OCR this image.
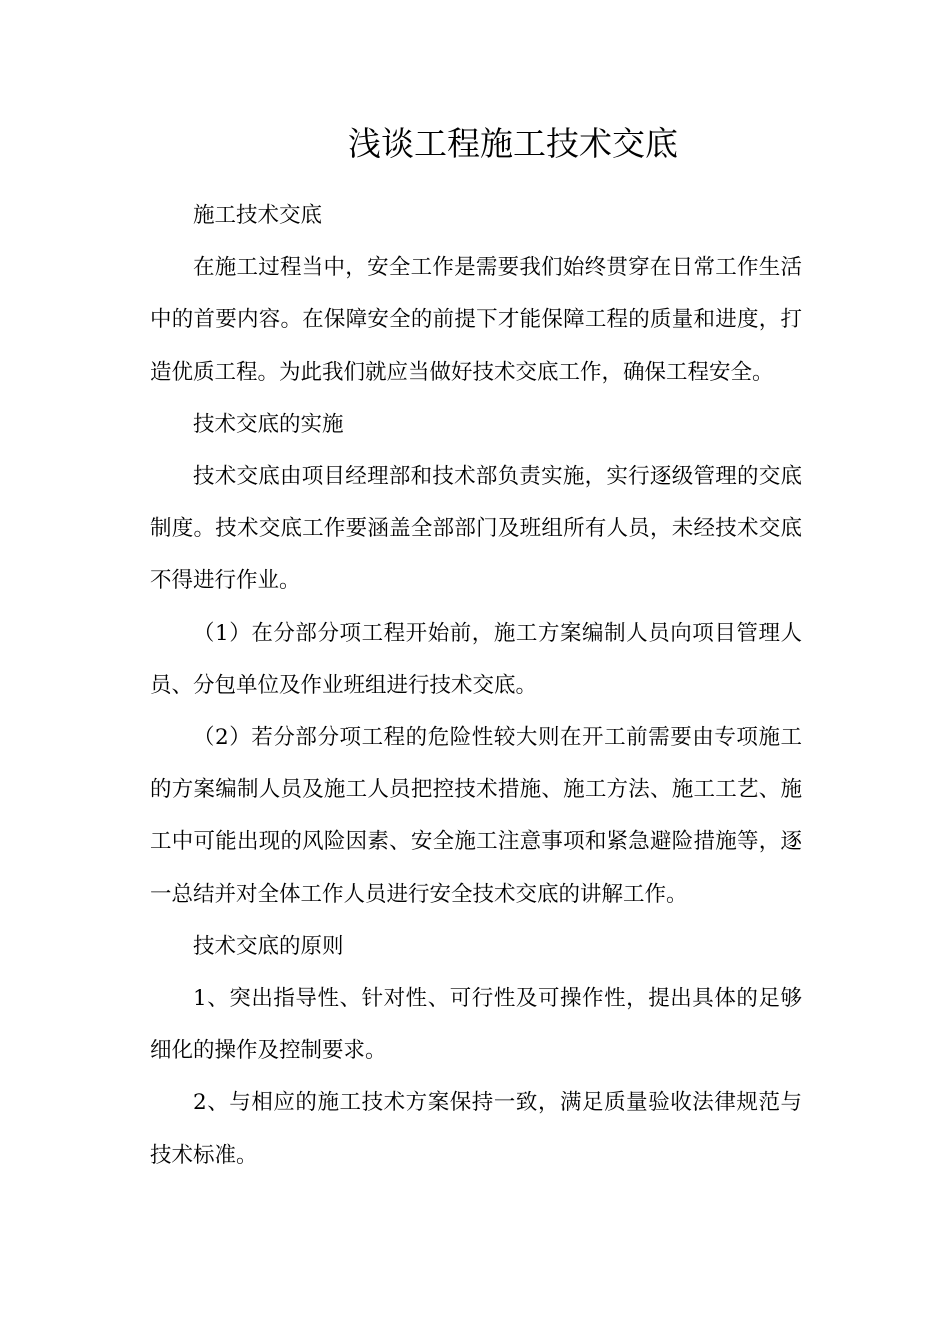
浅谈工程施工技术交底

施工技术交底

在施工过程当中，安全工作是需要我们始终贯穿在日常工作生活中的首要内容。在保障安全的前提下才能保障工程的质量和进度，打造优质工程。为此我们就应当做好技术交底工作，确保工程安全。

技术交底的实施

技术交底由项目经理部和技术部负责实施，实行逐级管理的交底制度。技术交底工作要涵盖全部部门及班组所有人员，未经技术交底不得进行作业。

（1）在分部分项工程开始前，施工方案编制人员向项目管理人员、分包单位及作业班组进行技术交底。

（2）若分部分项工程的危险性较大则在开工前需要由专项施工的方案编制人员及施工人员把控技术措施、施工方法、施工工艺、施工中可能出现的风险因素、安全施工注意事项和紧急避险措施等，逐一总结并对全体工作人员进行安全技术交底的讲解工作。

技术交底的原则

1、突出指导性、针对性、可行性及可操作性，提出具体的足够细化的操作及控制要求。

2、与相应的施工技术方案保持一致，满足质量验收法律规范与技术标准。
